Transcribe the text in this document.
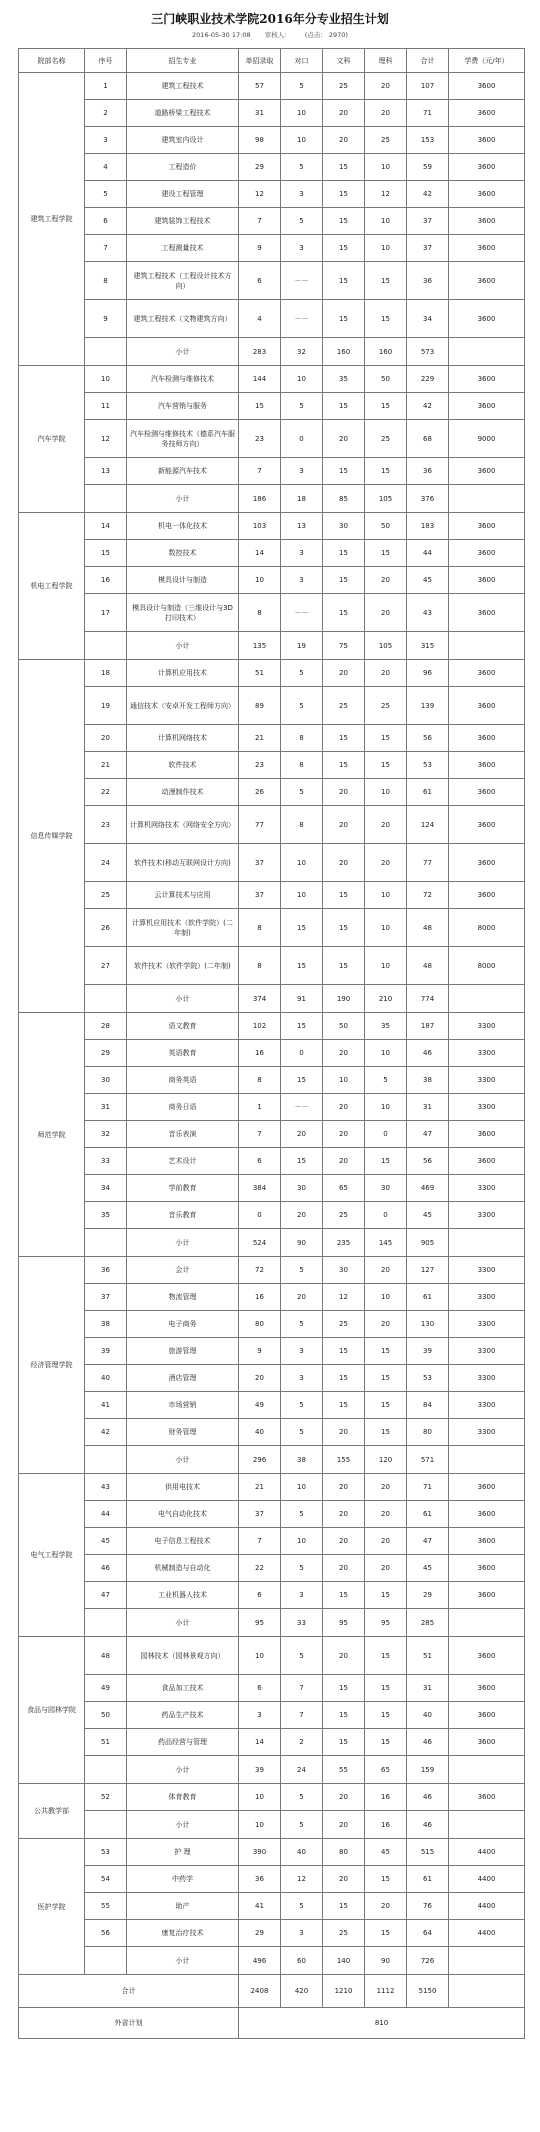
三门峡职业技术学院2016年分专业招生计划
2016-05-30 17:08 审核人： (点击： 2970)
院部名称	序号	招生专业	单招录取	对口	文科	理科	合计	学费（元/年）
建筑工程学院	1	建筑工程技术	57	5	25	20	107	3600
	2	道路桥梁工程技术	31	10	20	20	71	3600
	3	建筑室内设计	98	10	20	25	153	3600
	4	工程造价	29	5	15	10	59	3600
	5	建设工程管理	12	3	15	12	42	3600
	6	建筑装饰工程技术	7	5	15	10	37	3600
	7	工程测量技术	9	3	15	10	37	3600
	8	建筑工程技术（工程设计技术方向）	6	－－	15	15	36	3600
	9	建筑工程技术（文物建筑方向）	4	－－	15	15	34	3600
		小计	283	32	160	160	573	
汽车学院	10	汽车检测与维修技术	144	10	35	50	229	3600
	11	汽车营销与服务	15	5	15	15	42	3600
	12	汽车检测与维修技术（德系汽车服务技师方向）	23	0	20	25	68	9000
	13	新能源汽车技术	7	3	15	15	36	3600
		小计	186	18	85	105	376	
机电工程学院	14	机电一体化技术	103	13	30	50	183	3600
	15	数控技术	14	3	15	15	44	3600
	16	模具设计与制造	10	3	15	20	45	3600
	17	模具设计与制造（三维设计与3D打印技术）	8	－－	15	20	43	3600
		小计	135	19	75	105	315	
信息传媒学院	18	计算机应用技术	51	5	20	20	96	3600
	19	通信技术（安卓开发工程师方向）	89	5	25	25	139	3600
	20	计算机网络技术	21	8	15	15	56	3600
	21	软件技术	23	8	15	15	53	3600
	22	动漫制作技术	26	5	20	10	61	3600
	23	计算机网络技术（网络安全方向）	77	8	20	20	124	3600
	24	软件技术(移动互联网设计方向)	37	10	20	20	77	3600
	25	云计算技术与应用	37	10	15	10	72	3600
	26	计算机应用技术（软件学院）(二年制)	8	15	15	10	48	8000
	27	软件技术（软件学院）(二年制)	8	15	15	10	48	8000
		小计	374	91	190	210	774	
师范学院	28	语文教育	102	15	50	35	187	3300
	29	英语教育	16	0	20	10	46	3300
	30	商务英语	8	15	10	5	38	3300
	31	商务日语	1	－－	20	10	31	3300
	32	音乐表演	7	20	20	0	47	3600
	33	艺术设计	6	15	20	15	56	3600
	34	学前教育	384	30	65	30	469	3300
	35	音乐教育	0	20	25	0	45	3300
		小计	524	90	235	145	905	
经济管理学院	36	会计	72	5	30	20	127	3300
	37	物流管理	16	20	12	10	61	3300
	38	电子商务	80	5	25	20	130	3300
	39	旅游管理	9	3	15	15	39	3300
	40	酒店管理	20	3	15	15	53	3300
	41	市场营销	49	5	15	15	84	3300
	42	财务管理	40	5	20	15	80	3300
		小计	296	38	155	120	571	
电气工程学院	43	供用电技术	21	10	20	20	71	3600
	44	电气自动化技术	37	5	20	20	61	3600
	45	电子信息工程技术	7	10	20	20	47	3600
	46	机械制造与自动化	22	5	20	20	45	3600
	47	工业机器人技术	6	3	15	15	29	3600
		小计	95	33	95	95	285	
食品与园林学院	48	园林技术（园林景观方向）	10	5	20	15	51	3600
	49	食品加工技术	6	7	15	15	31	3600
	50	药品生产技术	3	7	15	15	40	3600
	51	药品经营与管理	14	2	15	15	46	3600
		小计	39	24	55	65	159	
公共教学部	52	体育教育	10	5	20	16	46	3600
		小计	10	5	20	16	46	
医护学院	53	护 理	390	40	80	45	515	4400
	54	中药学	36	12	20	15	61	4400
	55	助产	41	5	15	20	76	4400
	56	康复治疗技术	29	3	25	15	64	4400
		小计	496	60	140	90	726	
合计			2408	420	1210	1112	5150	
外省计划			810					
